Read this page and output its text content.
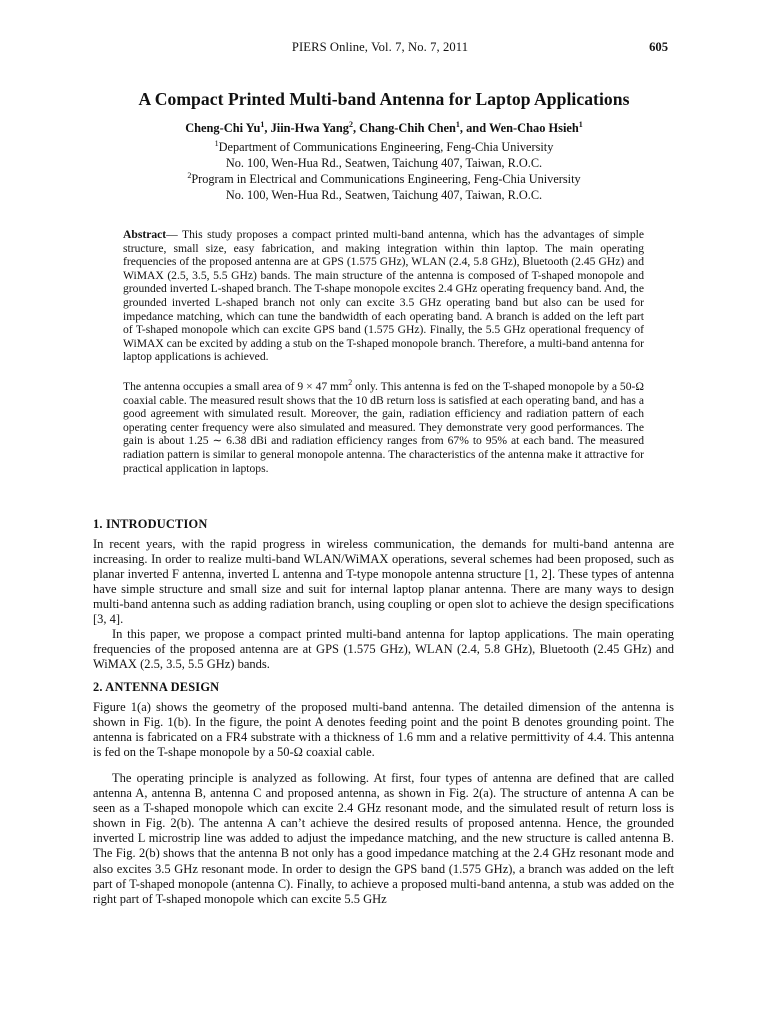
PIERS Online, Vol. 7, No. 7, 2011	605
A Compact Printed Multi-band Antenna for Laptop Applications

Cheng-Chi Yu$^1$, Jiin-Hwa Yang$^2$, Chang-Chih Chen$^1$, and Wen-Chao Hsieh$^1$

$^1$Department of Communications Engineering, Feng-Chia University

No. 100, Wen-Hua Rd., Seatwen, Taichung 407, Taiwan, R.O.C.

$^2$Program in Electrical and Communications Engineering, Feng-Chia University

No. 100, Wen-Hua Rd., Seatwen, Taichung 407, Taiwan, R.O.C.

Abstract— This study proposes a compact printed multi-band antenna, which has the advantages of simple structure, small size, easy fabrication, and making integration within thin laptop. The main operating frequencies of the proposed antenna are at GPS (1.575 GHz), WLAN (2.4, 5.8 GHz), Bluetooth (2.45 GHz) and WiMAX (2.5, 3.5, 5.5 GHz) bands. The main structure of the antenna is composed of T-shaped monopole and grounded inverted L-shaped branch. The T-shape monopole excites 2.4 GHz operating frequency band. And, the grounded inverted L-shaped branch not only can excite 3.5 GHz operating band but also can be used for impedance matching, which can tune the bandwidth of each operating band. A branch is added on the left part of T-shaped monopole which can excite GPS band (1.575 GHz). Finally, the 5.5 GHz operational frequency of WiMAX can be excited by adding a stub on the T-shaped monopole branch. Therefore, a multi-band antenna for laptop applications is achieved.

The antenna occupies a small area of 9 × 47 $mm^2$ only. This antenna is fed on the T-shaped monopole by a 50-Ω coaxial cable. The measured result shows that the 10 dB return loss is satisfied at each operating band, and has a good agreement with simulated result. Moreover, the gain, radiation efficiency and radiation pattern of each operating center frequency were also simulated and measured. They demonstrate very good performances. The gain is about 1.25 ∼ 6.38 dBi and radiation efficiency ranges from 67% to 95% at each band. The measured radiation pattern is similar to general monopole antenna. The characteristics of the antenna make it attractive for practical application in laptops.

1. INTRODUCTION

In recent years, with the rapid progress in wireless communication, the demands for multi-band antenna are increasing. In order to realize multi-band WLAN/WiMAX operations, several schemes had been proposed, such as planar inverted F antenna, inverted L antenna and T-type monopole antenna structure [1, 2]. These types of antenna have simple structure and small size and suit for internal laptop planar antenna. There are many ways to design multi-band antenna such as adding radiation branch, using coupling or open slot to achieve the design specifications [3, 4].

In this paper, we propose a compact printed multi-band antenna for laptop applications. The main operating frequencies of the proposed antenna are at GPS (1.575 GHz), WLAN (2.4, 5.8 GHz), Bluetooth (2.45 GHz) and WiMAX (2.5, 3.5, 5.5 GHz) bands.

2. ANTENNA DESIGN

Figure 1(a) shows the geometry of the proposed multi-band antenna. The detailed dimension of the antenna is shown in Fig. 1(b). In the figure, the point A denotes feeding point and the point B denotes grounding point. The antenna is fabricated on a FR4 substrate with a thickness of 1.6 mm and a relative permittivity of 4.4. This antenna is fed on the T-shape monopole by a 50-Ω coaxial cable.

The operating principle is analyzed as following. At first, four types of antenna are defined that are called antenna A, antenna B, antenna C and proposed antenna, as shown in Fig. 2(a). The structure of antenna A can be seen as a T-shaped monopole which can excite 2.4 GHz resonant mode, and the simulated result of return loss is shown in Fig. 2(b). The antenna A can’t achieve the desired results of proposed antenna. Hence, the grounded inverted L microstrip line was added to adjust the impedance matching, and the new structure is called antenna B. The Fig. 2(b) shows that the antenna B not only has a good impedance matching at the 2.4 GHz resonant mode and also excites 3.5 GHz resonant mode. In order to design the GPS band (1.575 GHz), a branch was added on the left part of T-shaped monopole (antenna C). Finally, to achieve a proposed multi-band antenna, a stub was added on the right part of T-shaped monopole which can excite 5.5 GHz
